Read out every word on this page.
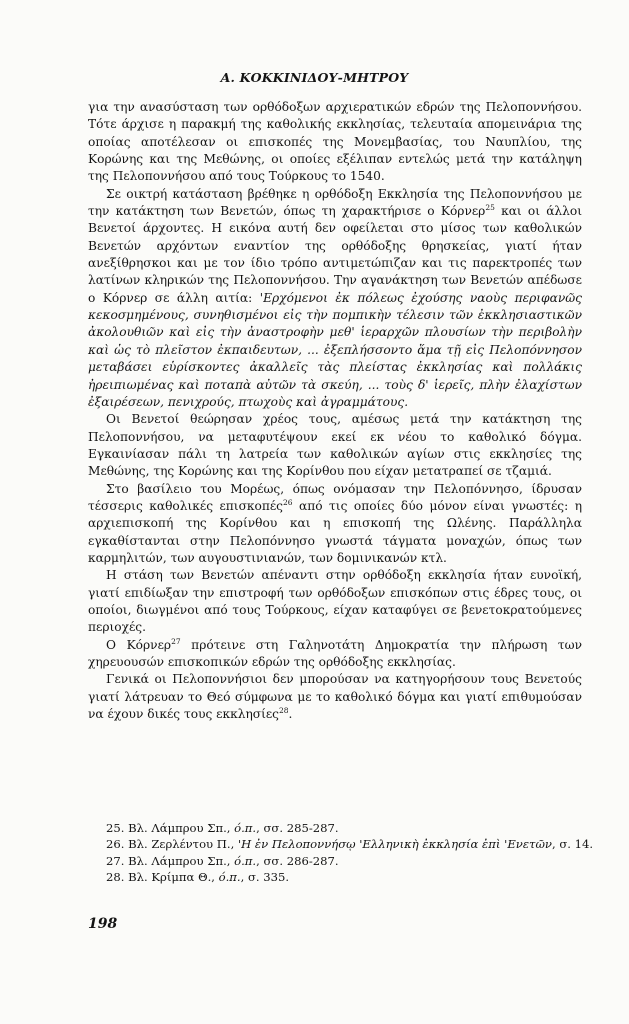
Α. ΚΟΚΚΙΝΙΔΟΥ-ΜΗΤΡΟΥ

για την ανασύσταση των ορθόδοξων αρχιερατικών εδρών της Πελοποννήσου. Τότε άρχισε η παρακμή της καθολικής εκκλησίας, τελευταία απομεινάρια της οποίας αποτέλεσαν οι επισκοπές της Μονεμβασίας, του Ναυπλίου, της Κορώνης και της Μεθώνης, οι οποίες εξέλιπαν εντελώς μετά την κατάληψη της Πελοποννήσου από τους Τούρκους το 1540.

Σε οικτρή κατάσταση βρέθηκε η ορθόδοξη Εκκλησία της Πελοποννήσου με την κατάκτηση των Βενετών, όπως τη χαρακτήρισε ο Κόρνερ$^{25}$ και οι άλλοι Βενετοί άρχοντες. Η εικόνα αυτή δεν οφείλεται στο μίσος των καθολικών Βενετών αρχόντων εναντίον της ορθόδοξης θρησκείας, γιατί ήταν ανεξίθρησκοι και με τον ίδιο τρόπο αντιμετώπιζαν και τις παρεκτροπές των λατίνων κληρικών της Πελοποννήσου. Την αγανάκτηση των Βενετών απέδωσε ο Κόρνερ σε άλλη αιτία: 'Ερχόμενοι ἐκ πόλεως ἐχούσης ναοὺς περιφανῶς κεκοσμημένους, συνηθισμένοι εἰς τὴν πομπικὴν τέλεσιν τῶν ἐκκλησιαστικῶν ἀκολουθιῶν καὶ εἰς τὴν ἀναστροφὴν μεθ' ἱεραρχῶν πλουσίων τὴν περιβολὴν καὶ ὡς τὸ πλεῖστον ἐκπαιδευτων, ... ἐξεπλήσσοντο ἅμα τῇ εἰς Πελοπόννησον μεταβάσει εὑρίσκοντες ἀκαλλεῖς τὰς πλείστας ἐκκλησίας καὶ πολλάκις ἠρειπιωμένας καὶ ποταπὰ αὐτῶν τὰ σκεύη, ... τοὺς δ' ἱερεῖς, πλὴν ἐλαχίστων ἐξαιρέσεων, πενιχρούς, πτωχοὺς καὶ ἀγραμμάτους.

Οι Βενετοί θεώρησαν χρέος τους, αμέσως μετά την κατάκτηση της Πελοποννήσου, να μεταφυτέψουν εκεί εκ νέου το καθολικό δόγμα. Εγκαινίασαν πάλι τη λατρεία των καθολικών αγίων στις εκκλησίες της Μεθώνης, της Κορώνης και της Κορίνθου που είχαν μετατραπεί σε τζαμιά.

Στο βασίλειο του Μορέως, όπως ονόμασαν την Πελοπόννησο, ίδρυσαν τέσσερις καθολικές επισκοπές$^{26}$ από τις οποίες δύο μόνον είναι γνωστές: η αρχιεπισκοπή της Κορίνθου και η επισκοπή της Ωλένης. Παράλληλα εγκαθίστανται στην Πελοπόννησο γνωστά τάγματα μοναχών, όπως των καρμηλιτών, των αυγουστινιανών, των δομινικανών κτλ.

Η στάση των Βενετών απέναντι στην ορθόδοξη εκκλησία ήταν ευνοϊκή, γιατί επιδίωξαν την επιστροφή των ορθόδοξων επισκόπων στις έδρες τους, οι οποίοι, διωγμένοι από τους Τούρκους, είχαν καταφύγει σε βενετοκρατούμενες περιοχές.

Ο Κόρνερ$^{27}$ πρότεινε στη Γαληνοτάτη Δημοκρατία την πλήρωση των χηρευουσών επισκοπικών εδρών της ορθόδοξης εκκλησίας.

Γενικά οι Πελοποννήσιοι δεν μπορούσαν να κατηγορήσουν τους Βενετούς γιατί λάτρευαν το Θεό σύμφωνα με το καθολικό δόγμα και γιατί επιθυμούσαν να έχουν δικές τους εκκλησίες$^{28}$.

25. Βλ. Λάμπρου Σπ., ό.π., σσ. 285-287.
26. Βλ. Ζερλέντου Π., 'Η ἐν Πελοποννήσῳ 'Ελληνικὴ ἐκκλησία ἐπὶ 'Ενετῶν, σ. 14.
27. Βλ. Λάμπρου Σπ., ό.π., σσ. 286-287.
28. Βλ. Κρίμπα Θ., ό.π., σ. 335.
198
